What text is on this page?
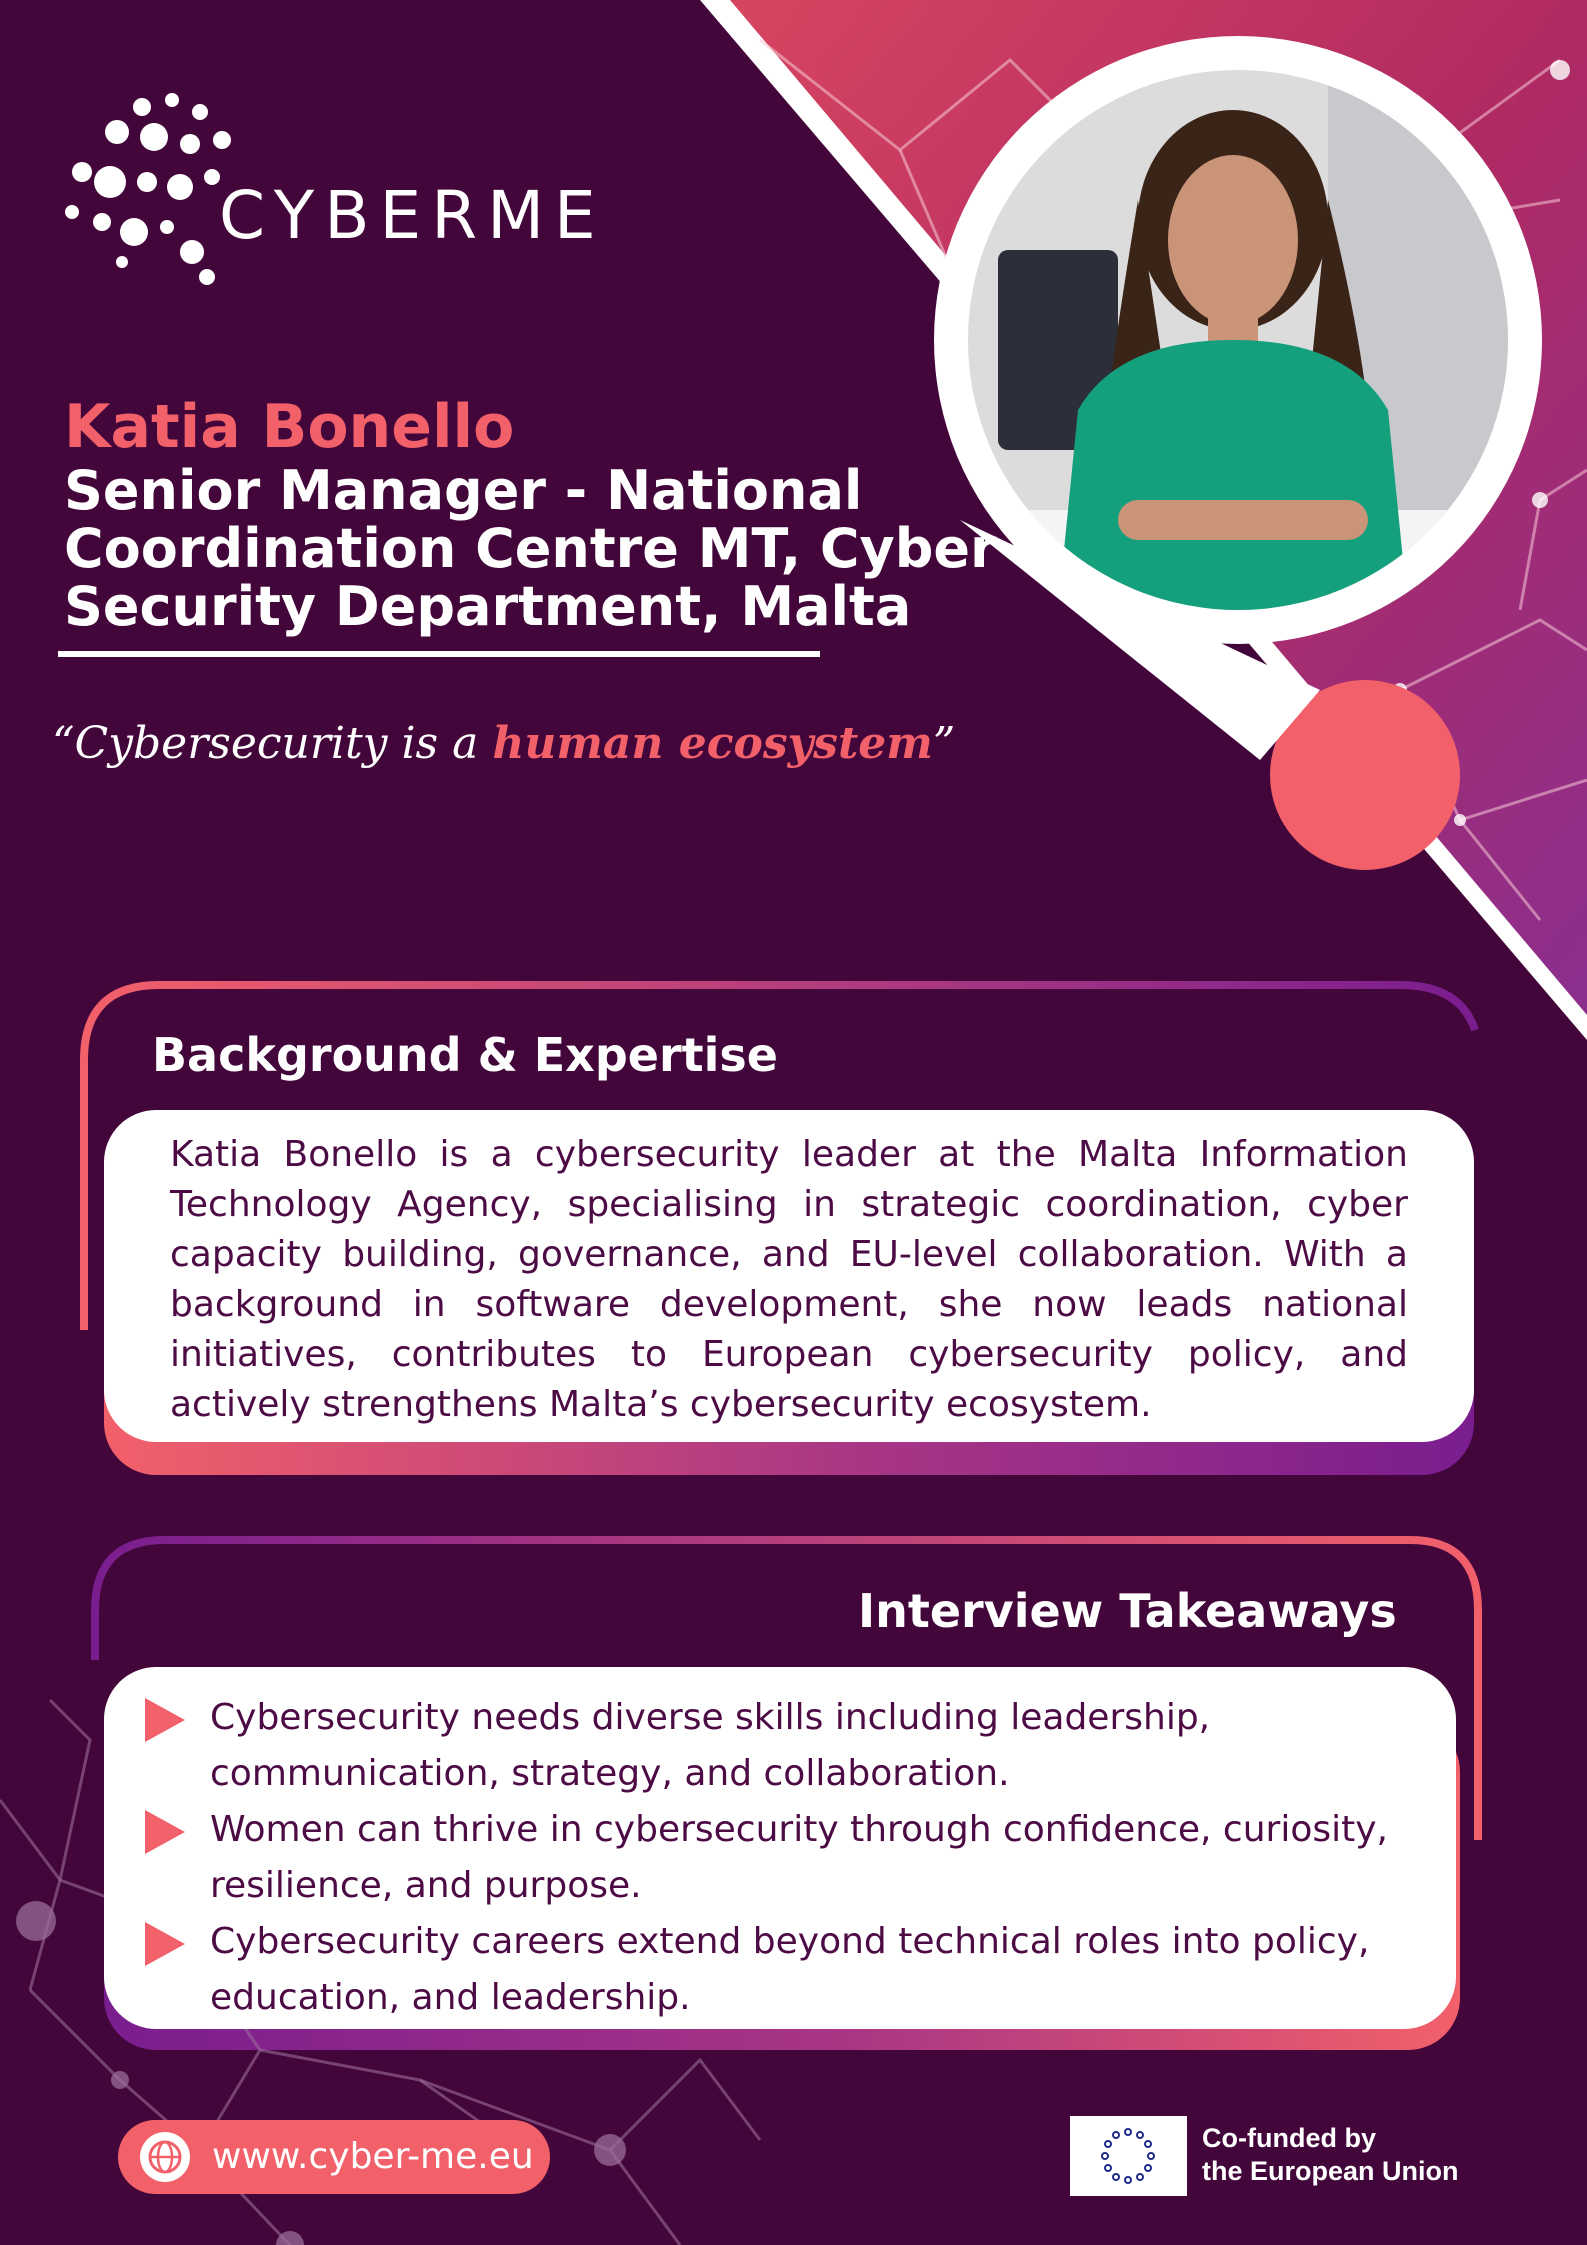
CYBERME
Katia Bonello
Senior Manager - National Coordination Centre MT, Cyber Security Department, Malta
“Cybersecurity is a human ecosystem”
Background & Expertise
Katia Bonello is a cybersecurity leader at the Malta Information Technology Agency, specialising in strategic coordination, cyber capacity building, governance, and EU-level collaboration. With a background in software development, she now leads national initiatives, contributes to European cybersecurity policy, and actively strengthens Malta’s cybersecurity ecosystem.
Interview Takeaways
Cybersecurity needs diverse skills including leadership, communication, strategy, and collaboration.
Women can thrive in cybersecurity through confidence, curiosity, resilience, and purpose.
Cybersecurity careers extend beyond technical roles into policy, education, and leadership.
www.cyber-me.eu	Co-funded by
the European Union
